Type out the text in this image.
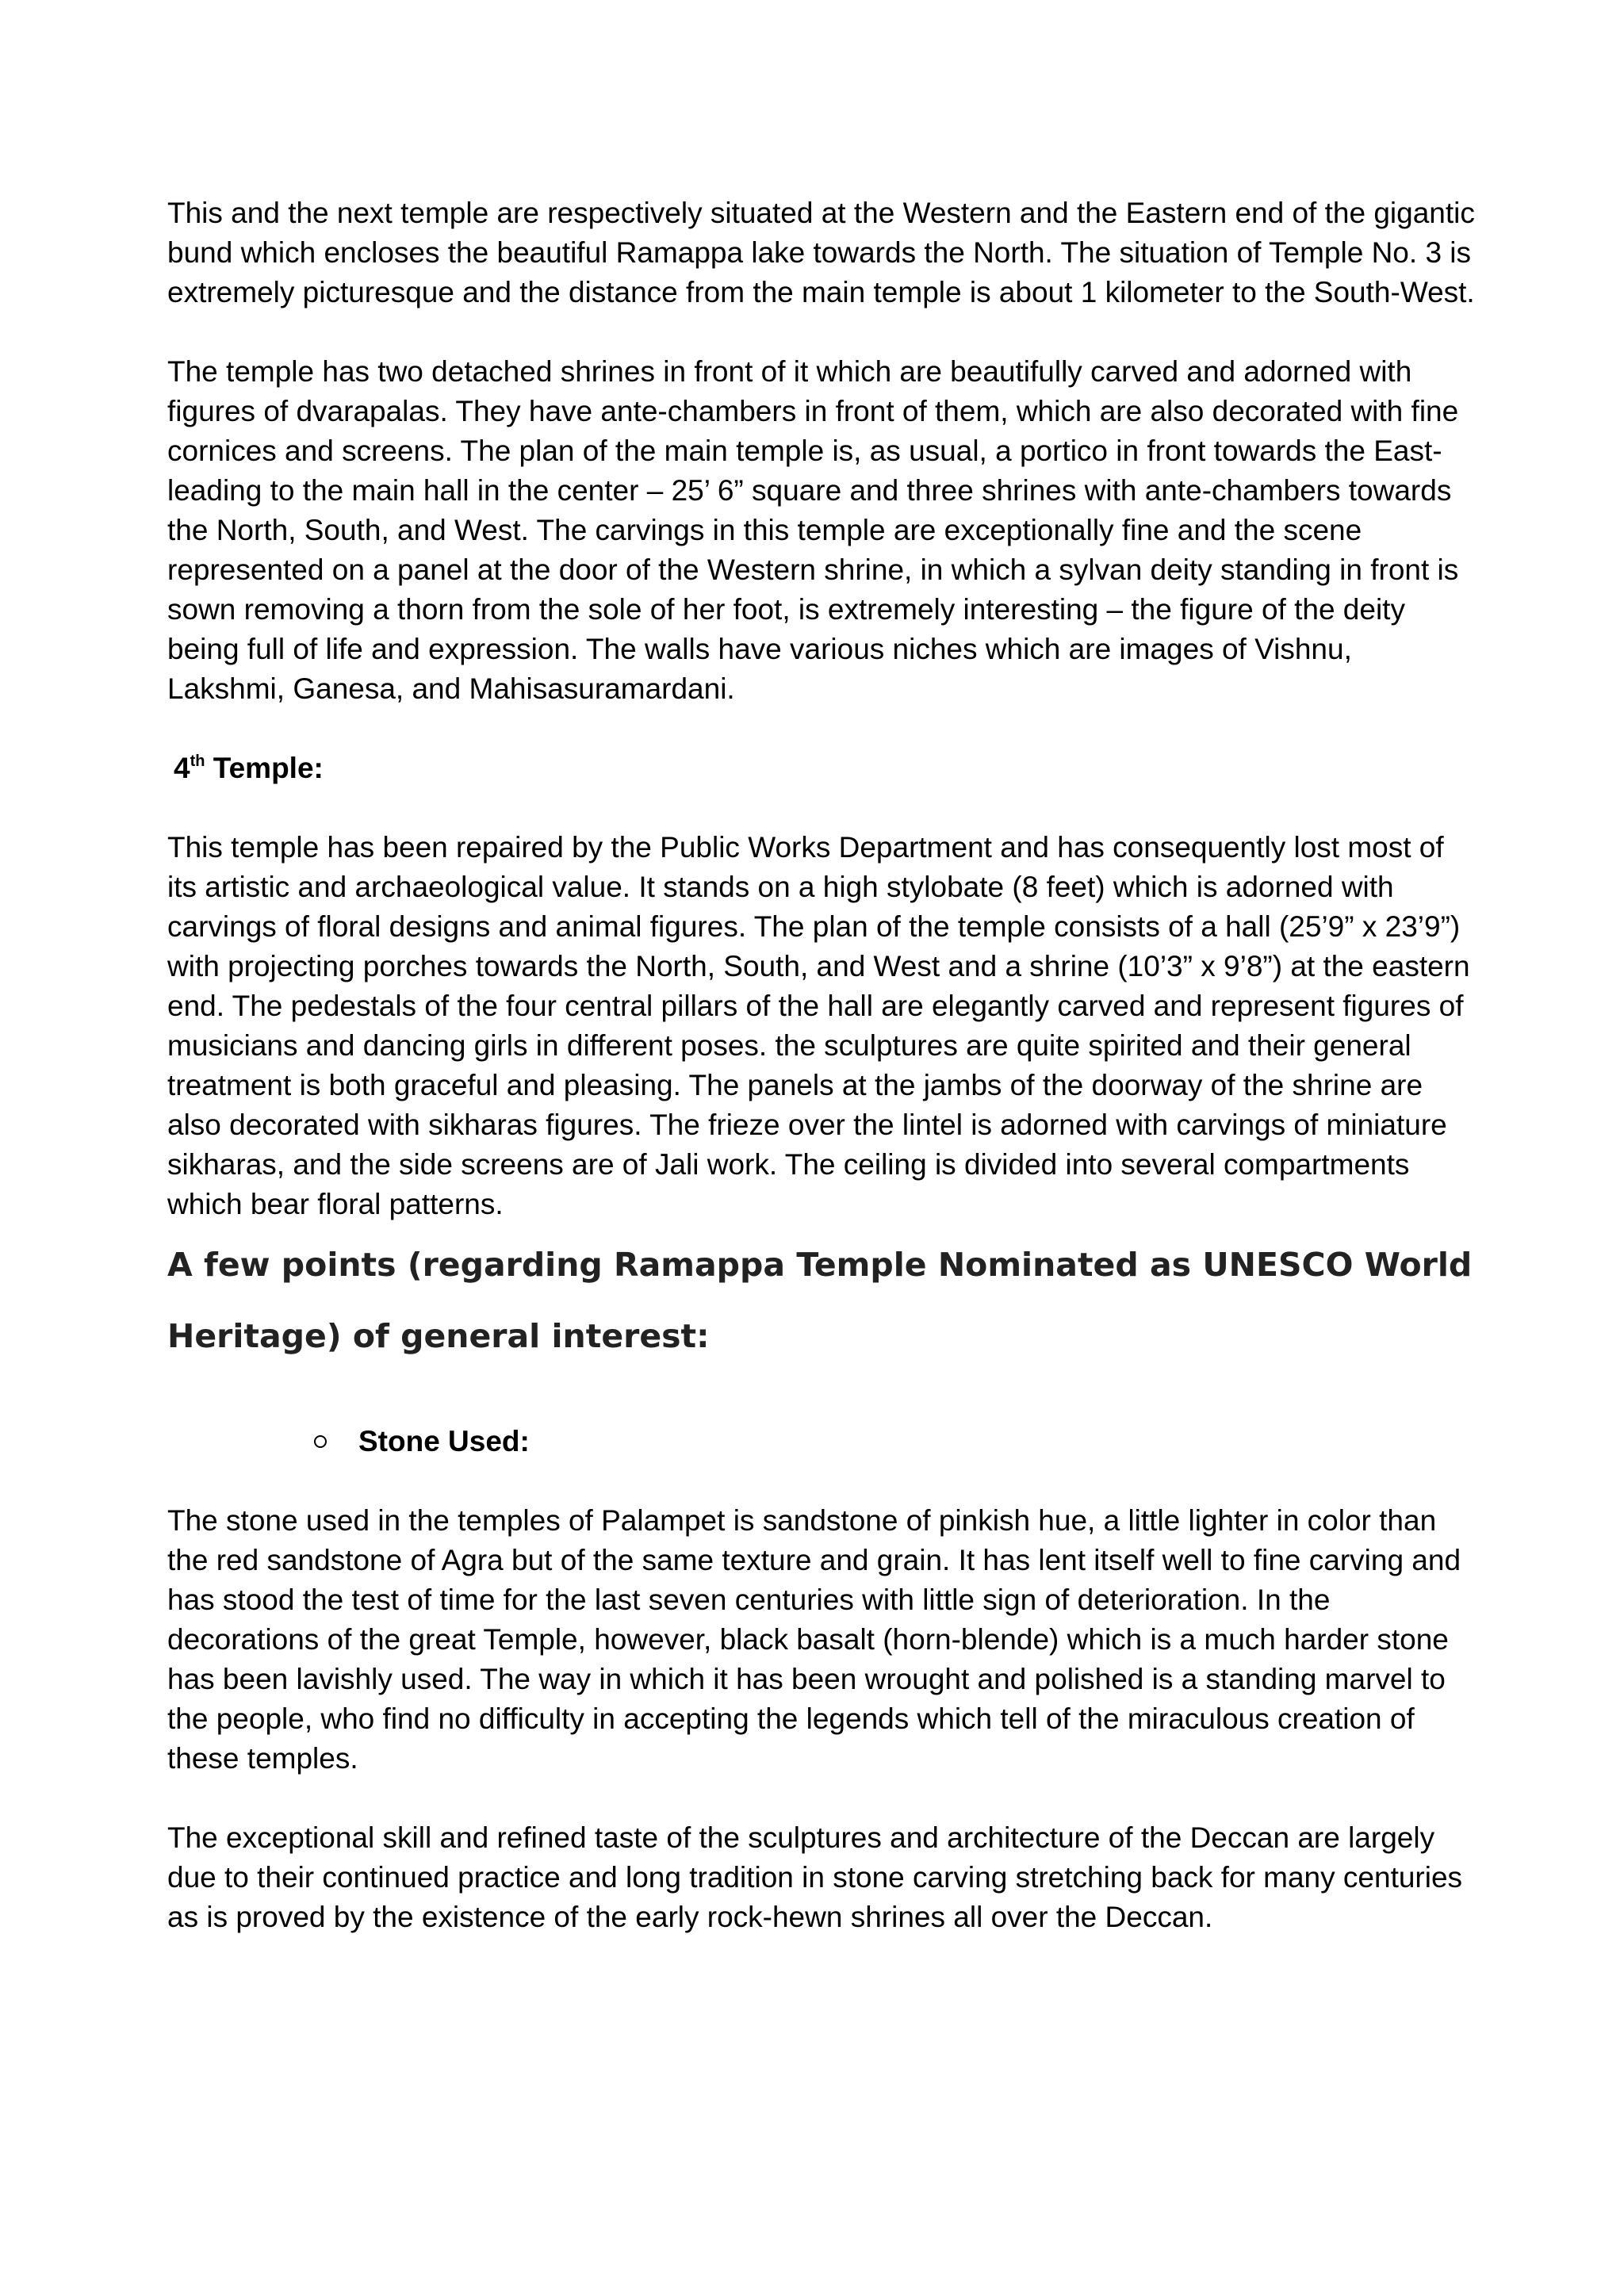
This and the next temple are respectively situated at the Western and the Eastern end of the gigantic bund which encloses the beautiful Ramappa lake towards the North. The situation of Temple No. 3 is extremely picturesque and the distance from the main temple is about 1 kilometer to the South-West.

The temple has two detached shrines in front of it which are beautifully carved and adorned with figures of dvarapalas. They have ante-chambers in front of them, which are also decorated with fine cornices and screens. The plan of the main temple is, as usual, a portico in front towards the East-leading to the main hall in the center – 25’ 6” square and three shrines with ante-chambers towards the North, South, and West. The carvings in this temple are exceptionally fine and the scene represented on a panel at the door of the Western shrine, in which a sylvan deity standing in front is sown removing a thorn from the sole of her foot, is extremely interesting – the figure of the deity being full of life and expression. The walls have various niches which are images of Vishnu, Lakshmi, Ganesa, and Mahisasuramardani.

4th Temple:

This temple has been repaired by the Public Works Department and has consequently lost most of its artistic and archaeological value. It stands on a high stylobate (8 feet) which is adorned with carvings of floral designs and animal figures. The plan of the temple consists of a hall (25’9” x 23’9”) with projecting porches towards the North, South, and West and a shrine (10’3” x 9’8”) at the eastern end. The pedestals of the four central pillars of the hall are elegantly carved and represent figures of musicians and dancing girls in different poses. the sculptures are quite spirited and their general treatment is both graceful and pleasing. The panels at the jambs of the doorway of the shrine are also decorated with sikharas figures. The frieze over the lintel is adorned with carvings of miniature sikharas, and the side screens are of Jali work. The ceiling is divided into several compartments which bear floral patterns.

A few points (regarding Ramappa Temple Nominated as UNESCO World
Heritage) of general interest:
Stone Used:

The stone used in the temples of Palampet is sandstone of pinkish hue, a little lighter in color than the red sandstone of Agra but of the same texture and grain. It has lent itself well to fine carving and has stood the test of time for the last seven centuries with little sign of deterioration. In the decorations of the great Temple, however, black basalt (horn-blende) which is a much harder stone has been lavishly used. The way in which it has been wrought and polished is a standing marvel to the people, who find no difficulty in accepting the legends which tell of the miraculous creation of these temples.

The exceptional skill and refined taste of the sculptures and architecture of the Deccan are largely due to their continued practice and long tradition in stone carving stretching back for many centuries as is proved by the existence of the early rock-hewn shrines all over the Deccan.
